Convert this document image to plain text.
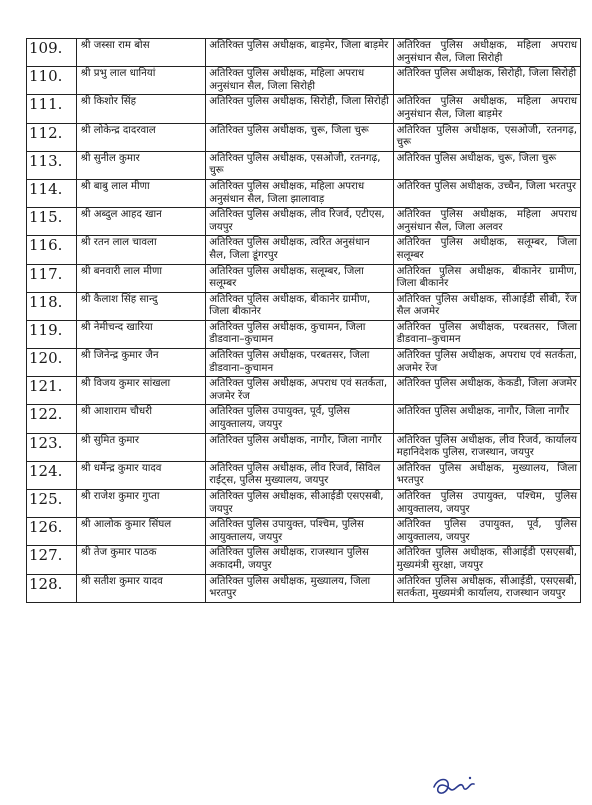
109.	श्री जस्सा राम बोस	अतिरिक्त पुलिस अधीक्षक, बाड़मेर, जिला बाड़मेर	अतिरिक्त पुलिस अधीक्षक, महिला अपराध अनुसंधान सैल, जिला सिरोही
110.	श्री प्रभु लाल धानियां	अतिरिक्त पुलिस अधीक्षक, महिला अपराध अनुसंधान सैल, जिला सिरोही	अतिरिक्त पुलिस अधीक्षक, सिरोही, जिला सिरोही
111.	श्री किशोर सिंह	अतिरिक्त पुलिस अधीक्षक, सिरोही, जिला सिरोही	अतिरिक्त पुलिस अधीक्षक, महिला अपराध अनुसंधान सैल, जिला बाड़मेर
112.	श्री लोकेन्द्र दादरवाल	अतिरिक्त पुलिस अधीक्षक, चुरू, जिला चुरू	अतिरिक्त पुलिस अधीक्षक, एसओजी, रतनगढ़, चुरू
113.	श्री सुनील कुमार	अतिरिक्त पुलिस अधीक्षक, एसओजी, रतनगढ़, चुरू	अतिरिक्त पुलिस अधीक्षक, चुरू, जिला चुरू
114.	श्री बाबु लाल मीणा	अतिरिक्त पुलिस अधीक्षक, महिला अपराध अनुसंधान सैल, जिला झालावाड़	अतिरिक्त पुलिस अधीक्षक, उच्चैन, जिला भरतपुर
115.	श्री अब्दुल आहद खान	अतिरिक्त पुलिस अधीक्षक, लीव रिजर्व, एटीएस, जयपुर	अतिरिक्त पुलिस अधीक्षक, महिला अपराध अनुसंधान सैल, जिला अलवर
116.	श्री रतन लाल चावला	अतिरिक्त पुलिस अधीक्षक, त्वरित अनुसंधान सैल, जिला डूंगरपुर	अतिरिक्त पुलिस अधीक्षक, सलूम्बर, जिला सलूम्बर
117.	श्री बनवारी लाल मीणा	अतिरिक्त पुलिस अधीक्षक, सलूम्बर, जिला सलूम्बर	अतिरिक्त पुलिस अधीक्षक, बीकानेर ग्रामीण, जिला बीकानेर
118.	श्री कैलाश सिंह सान्दु	अतिरिक्त पुलिस अधीक्षक, बीकानेर ग्रामीण, जिला बीकानेर	अतिरिक्त पुलिस अधीक्षक, सीआईडी सीबी, रेंज सैल अजमेर
119.	श्री नेमीचन्द खारिया	अतिरिक्त पुलिस अधीक्षक, कुचामन, जिला डीडवाना–कुचामन	अतिरिक्त पुलिस अधीक्षक, परबतसर, जिला डीडवाना–कुचामन
120.	श्री जिनेन्द्र कुमार जैन	अतिरिक्त पुलिस अधीक्षक, परबतसर, जिला डीडवाना–कुचामन	अतिरिक्त पुलिस अधीक्षक, अपराध एवं सतर्कता, अजमेर रेंज
121.	श्री विजय कुमार सांखला	अतिरिक्त पुलिस अधीक्षक, अपराध एवं सतर्कता, अजमेर रेंज	अतिरिक्त पुलिस अधीक्षक, केकडी, जिला अजमेर
122.	श्री आशाराम चौधरी	अतिरिक्त पुलिस उपायुक्त, पूर्व, पुलिस आयुक्तालय, जयपुर	अतिरिक्त पुलिस अधीक्षक, नागौर, जिला नागौर
123.	श्री सुमित कुमार	अतिरिक्त पुलिस अधीक्षक, नागौर, जिला नागौर	अतिरिक्त पुलिस अधीक्षक, लीव रिजर्व, कार्यालय महानिदेशक पुलिस, राजस्थान, जयपुर
124.	श्री धर्मेन्द्र कुमार यादव	अतिरिक्त पुलिस अधीक्षक, लीव रिजर्व, सिविल राईट्स, पुलिस मुख्यालय, जयपुर	अतिरिक्त पुलिस अधीक्षक, मुख्यालय, जिला भरतपुर
125.	श्री राजेश कुमार गुप्ता	अतिरिक्त पुलिस अधीक्षक, सीआईडी एसएसबी, जयपुर	अतिरिक्त पुलिस उपायुक्त, पश्चिम, पुलिस आयुक्तालय, जयपुर
126.	श्री आलोक कुमार सिंघल	अतिरिक्त पुलिस उपायुक्त, पश्चिम, पुलिस आयुक्तालय, जयपुर	अतिरिक्त पुलिस उपायुक्त, पूर्व, पुलिस आयुक्तालय, जयपुर
127.	श्री तेज कुमार पाठक	अतिरिक्त पुलिस अधीक्षक, राजस्थान पुलिस अकादमी, जयपुर	अतिरिक्त पुलिस अधीक्षक, सीआईडी एसएसबी, मुख्यमंत्री सुरक्षा, जयपुर
128.	श्री सतीश कुमार यादव	अतिरिक्त पुलिस अधीक्षक, मुख्यालय, जिला भरतपुर	अतिरिक्त पुलिस अधीक्षक, सीआईडी, एसएसबी, सतर्कता, मुख्यमंत्री कार्यालय, राजस्थान जयपुर
